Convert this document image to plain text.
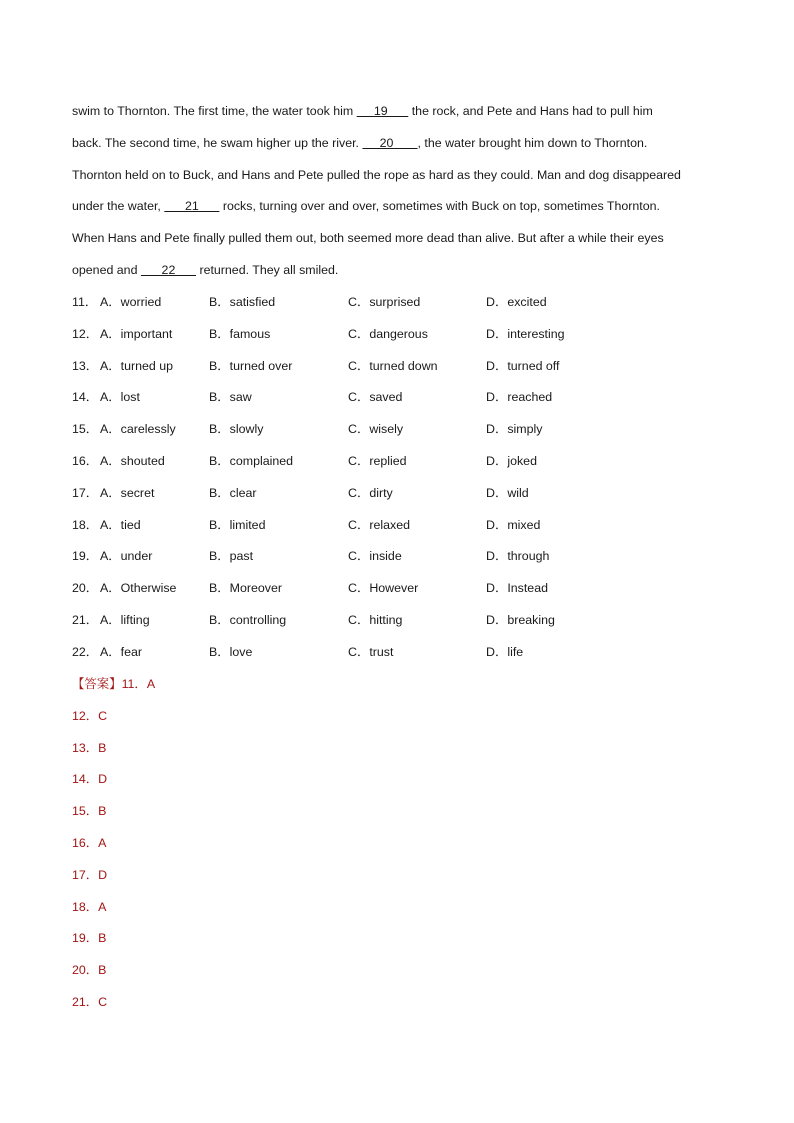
swim to Thornton. The first time, the water took him      19       the rock, and Pete and Hans had to pull him
back. The second time, he swam higher up the river.      20       , the water brought him down to Thornton.
Thornton held on to Buck, and Hans and Pete pulled the rope as hard as they could. Man and dog disappeared
under the water,       21       rocks, turning over and over, sometimes with Buck on top, sometimes Thornton.
When Hans and Pete finally pulled them out, both seemed more dead than alive. But after a while their eyes
opened and       22       returned. They all smiled.
11． A．worried	B．satisfied	C．surprised	D．excited
12． A．important	B．famous	C．dangerous	D．interesting
13． A．turned up	B．turned over	C．turned down	D．turned off
14． A．lost	B．saw	C．saved	D．reached
15． A．carelessly	B．slowly	C．wisely	D．simply
16． A．shouted	B．complained	C．replied	D．joked
17． A．secret	B．clear	C．dirty	D．wild
18． A．tied	B．limited	C．relaxed	D．mixed
19． A．under	B．past	C．inside	D．through
20． A．Otherwise	B．Moreover	C．However	D．Instead
21． A．lifting	B．controlling	C．hitting	D．breaking
22． A．fear	B．love	C．trust	D．life
【答案】11．A
12．C
13．B
14．D
15．B
16．A
17．D
18．A
19．B
20．B
21．C
